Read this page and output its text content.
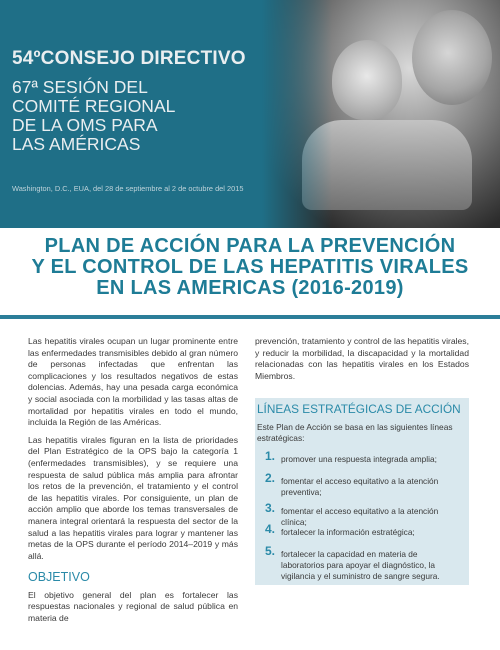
54ºCONSEJO DIRECTIVO
67ª SESIÓN DEL
COMITÉ REGIONAL
DE LA OMS PARA
LAS AMÉRICAS
Washington, D.C., EUA, del 28 de septiembre al 2 de octubre del 2015
PLAN DE ACCIÓN PARA LA PREVENCIÓN
Y EL CONTROL DE LAS HEPATITIS VIRALES
EN LAS AMERICAS (2016-2019)

Las hepatitis virales ocupan un lugar prominente entre las enfermedades transmisibles debido al gran número de personas infectadas que enfrentan las complicaciones y los resultados negativos de estas dolencias. Además, hay una pesada carga económica y social asociada con la morbilidad y las tasas altas de mortalidad por hepatitis virales en todo el mundo, incluida la Región de las Américas.

Las hepatitis virales figuran en la lista de prioridades del Plan Estratégico de la OPS bajo la categoría 1 (enfermedades transmisibles), y se requiere una respuesta de salud pública más amplia para afrontar los retos de la prevención, el tratamiento y el control de las hepatitis virales. Por consiguiente, un plan de acción amplio que aborde los temas transversales de manera integral orientará la respuesta del sector de la salud a las hepatitis virales para lograr y mantener las metas de la OPS durante el período 2014–2019 y más allá.

OBJETIVO

El objetivo general del plan es fortalecer las respuestas nacionales y regional de salud pública en materia de

prevención, tratamiento y control de las hepatitis virales, y reducir la morbilidad, la discapacidad y la mortalidad relacionadas con las hepatitis virales en los Estados Miembros.

LÍNEAS ESTRATÉGICAS DE ACCIÓN
Este Plan de Acción se basa en las siguientes líneas estratégicas:
1. promover una respuesta integrada amplia;
2. fomentar el acceso equitativo a la atención preventiva;
3. fomentar el acceso equitativo a la atención clínica;
4. fortalecer la información estratégica;
5. fortalecer la capacidad en materia de laboratorios para apoyar el diagnóstico, la vigilancia y el suministro de sangre segura.
